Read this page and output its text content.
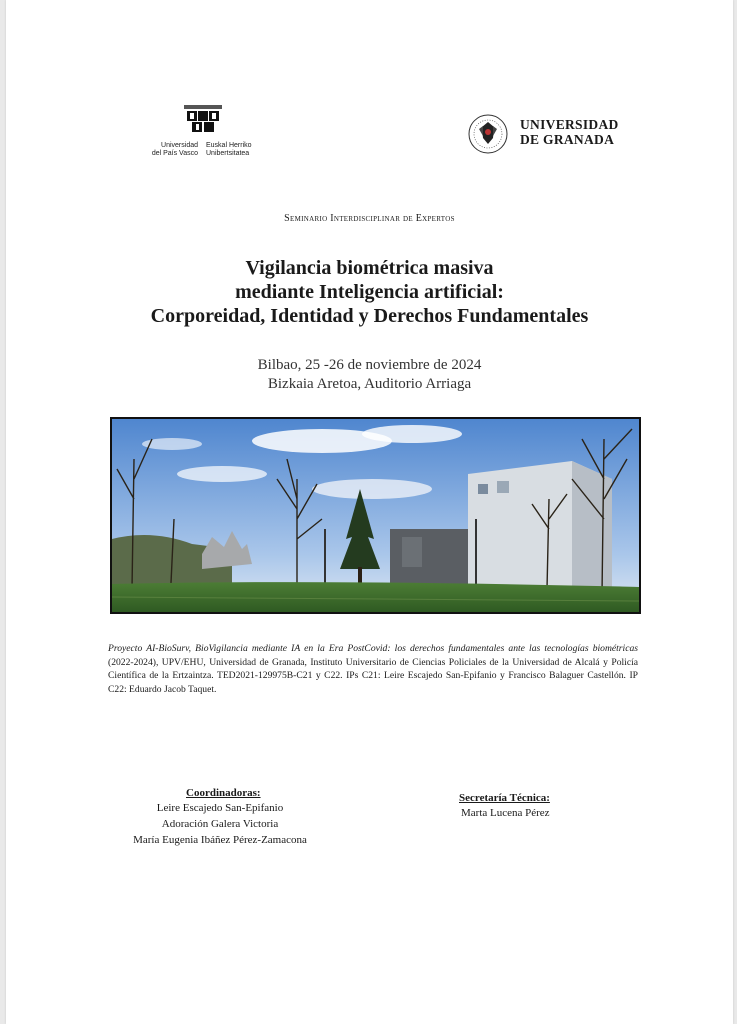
Universidad
del País Vasco
Euskal Herriko
Unibertsitatea
UNIVERSIDAD
DE GRANADA
Seminario Interdisciplinar de Expertos
Vigilancia biométrica masiva
mediante Inteligencia artificial:
Corporeidad, Identidad y Derechos Fundamentales
Bilbao, 25 -26 de noviembre de 2024
Bizkaia Aretoa, Auditorio Arriaga
Proyecto AI-BioSurv, BioVigilancia mediante IA en la Era PostCovid: los derechos fundamentales ante las tecnologías biométricas (2022-2024), UPV/EHU, Universidad de Granada, Instituto Universitario de Ciencias Policiales de la Universidad de Alcalá y Policía Científica de la Ertzaintza. TED2021-129975B-C21 y C22. IPs C21: Leire Escajedo San-Epifanio y Francisco Balaguer Castellón. IP C22: Eduardo Jacob Taquet.
Coordinadoras:
Leire Escajedo San-Epifanio
Adoración Galera Victoria
María Eugenia Ibáñez Pérez-Zamacona
Secretaría Técnica:
Marta Lucena Pérez
